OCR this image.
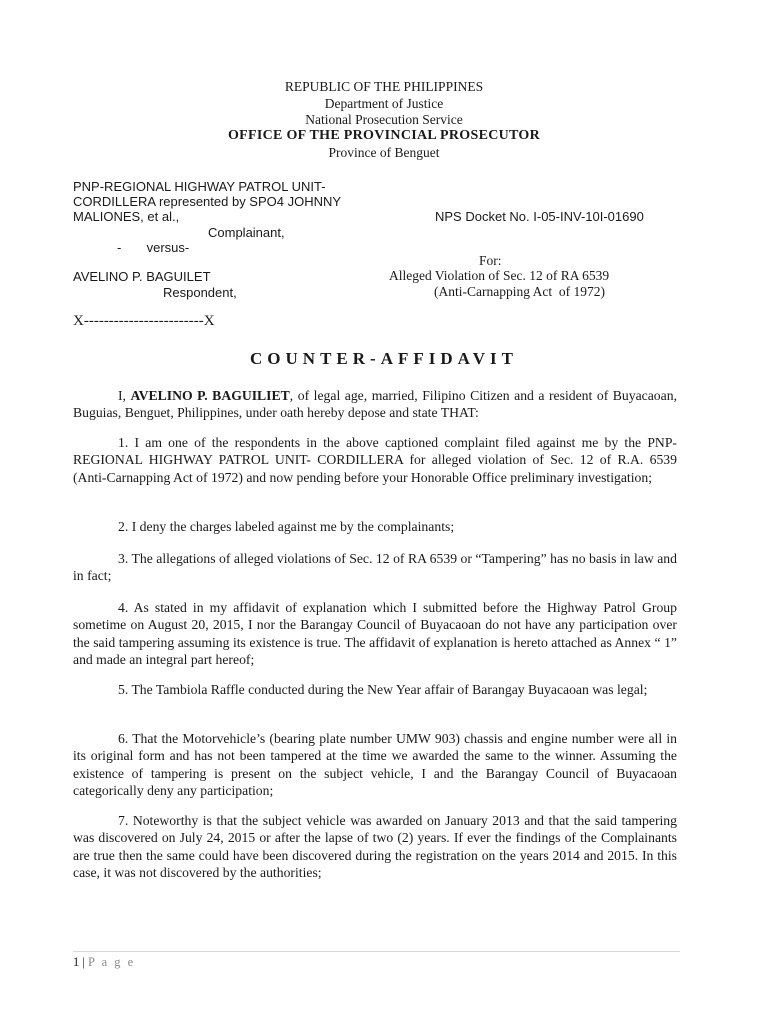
REPUBLIC OF THE PHILIPPINES
Department of Justice
National Prosecution Service
OFFICE OF THE PROVINCIAL PROSECUTOR
Province of Benguet
PNP-REGIONAL HIGHWAY PATROL UNIT-
CORDILLERA represented by SPO4 JOHNNY
MALIONES, et al.,	NPS Docket No. I-05-INV-10I-01690
Complainant,
-       versus-
For:
AVELINO P. BAGUILET	Alleged Violation of Sec. 12 of RA 6539
Respondent,	(Anti-Carnapping Act  of 1972)
X------------------------X
COUNTER-AFFIDAVIT
I, AVELINO P. BAGUILIET, of legal age, married, Filipino Citizen and a resident of Buyacaoan, Buguias, Benguet, Philippines, under oath hereby depose and state THAT:
1. I am one of the respondents in the above captioned complaint filed against me by the PNP-REGIONAL HIGHWAY PATROL UNIT- CORDILLERA for alleged violation of Sec. 12 of R.A. 6539        (Anti-Carnapping Act of 1972) and now pending before your Honorable Office preliminary investigation;
2. I deny the charges labeled against me by the complainants;
3. The allegations of alleged violations of Sec. 12 of RA 6539 or “Tampering” has no basis in law and in fact;
4. As stated in my affidavit of explanation which I submitted before the Highway Patrol Group sometime on August 20, 2015, I nor the Barangay Council of Buyacaoan do not have any participation over the said tampering assuming its existence is true. The affidavit of explanation is hereto attached as Annex “ 1” and made an integral part hereof;
5. The Tambiola Raffle conducted during the New Year affair of Barangay Buyacaoan was legal;
6. That the Motorvehicle’s (bearing plate number UMW 903) chassis and engine number were all in its original form and has not been tampered at the time we awarded the same to the winner. Assuming the existence of tampering is present on the subject vehicle, I and the Barangay Council of Buyacaoan categorically deny any participation;
7. Noteworthy is that the subject vehicle was awarded on January 2013 and that the said tampering was discovered on July 24, 2015 or after the lapse of two (2) years. If ever the findings of the Complainants are true then the same could have been discovered during the registration on the years 2014 and 2015. In this case, it was not discovered by the authorities;
1 | P a g e
